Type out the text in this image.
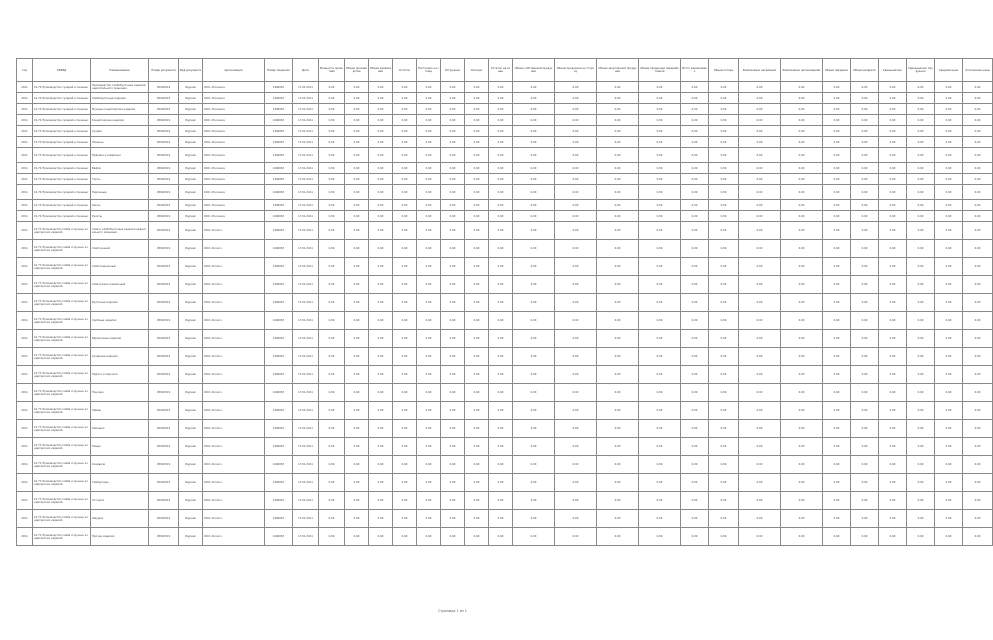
Год	ОКВЭД	Наименование	Номер документа	Вид документа	Организация	Номер лицензии	Дата	Мощность проектная	Объем производства	Объем реализации	Остаток	Поступило на склад	Отгружено	Списано	Остаток на конец	Объем собственной продукции	Объем продукции на сторону	Объем закупленной продукции	Объем продукции переработанной	Итого реализовано	Объем потерь	Реализовано населению	Реализовано организациям	Объем передачи	Объем возврата	Удельный вес	Удельный вес продукции	Средняя цена	Отклонение цены
2011	10.72 Производство сухарей и печенья	Производство хлебобулочных изделий недлительного хранения	95020019	Журнал	ООО «Росинка»	1490067	17.01.2011	0,00	0,00	0,00	0,00	0,00	0,00	0,00	0,00	0,00	0,00	0,00	0,00	0,00	0,00	0,00	0,00	0,00	0,00	0,00	0,00	0,00	0,00
2011	10.72 Производство сухарей и печенья	Хлебобулочные изделия	95020019	Журнал	ООО «Росинка»	1490067	17.01.2011	0,00	0,00	0,00	0,00	0,00	0,00	0,00	0,00	0,00	0,00	0,00	0,00	0,00	0,00	0,00	0,00	0,00	0,00	0,00	0,00	0,00	0,00
2011	10.72 Производство сухарей и печенья	Мучные кондитерские изделия	95020019	Журнал	ООО «Росинка»	1490067	17.01.2011	0,00	0,00	0,00	0,00	0,00	0,00	0,00	0,00	0,00	0,00	0,00	0,00	0,00	0,00	0,00	0,00	0,00	0,00	0,00	0,00	0,00	0,00
2011	10.72 Производство сухарей и печенья	Кондитерские изделия	95020019	Журнал	ООО «Росинка»	1490067	17.01.2011	0,00	0,00	0,00	0,00	0,00	0,00	0,00	0,00	0,00	0,00	0,00	0,00	0,00	0,00	0,00	0,00	0,00	0,00	0,00	0,00	0,00	0,00
2011	10.72 Производство сухарей и печенья	Сухари	95020019	Журнал	ООО «Росинка»	1490067	17.01.2011	0,00	0,00	0,00	0,00	0,00	0,00	0,00	0,00	0,00	0,00	0,00	0,00	0,00	0,00	0,00	0,00	0,00	0,00	0,00	0,00	0,00	0,00
2011	10.72 Производство сухарей и печенья	Печенье	95020019	Журнал	ООО «Росинка»	1490067	17.01.2011	0,00	0,00	0,00	0,00	0,00	0,00	0,00	0,00	0,00	0,00	0,00	0,00	0,00	0,00	0,00	0,00	0,00	0,00	0,00	0,00	0,00	0,00
2011	10.72 Производство сухарей и печенья	Пряники и коврижки	95020019	Журнал	ООО «Росинка»	1490067	17.01.2011	0,00	0,00	0,00	0,00	0,00	0,00	0,00	0,00	0,00	0,00	0,00	0,00	0,00	0,00	0,00	0,00	0,00	0,00	0,00	0,00	0,00	0,00
2011	10.72 Производство сухарей и печенья	Вафли	95020019	Журнал	ООО «Росинка»	1490067	17.01.2011	0,00	0,00	0,00	0,00	0,00	0,00	0,00	0,00	0,00	0,00	0,00	0,00	0,00	0,00	0,00	0,00	0,00	0,00	0,00	0,00	0,00	0,00
2011	10.72 Производство сухарей и печенья	Торты	95020019	Журнал	ООО «Росинка»	1490067	17.01.2011	0,00	0,00	0,00	0,00	0,00	0,00	0,00	0,00	0,00	0,00	0,00	0,00	0,00	0,00	0,00	0,00	0,00	0,00	0,00	0,00	0,00	0,00
2011	10.72 Производство сухарей и печенья	Пирожные	95020019	Журнал	ООО «Росинка»	1490067	17.01.2011	0,00	0,00	0,00	0,00	0,00	0,00	0,00	0,00	0,00	0,00	0,00	0,00	0,00	0,00	0,00	0,00	0,00	0,00	0,00	0,00	0,00	0,00
2011	10.72 Производство сухарей и печенья	Кексы	95020019	Журнал	ООО «Росинка»	1490067	17.01.2011	0,00	0,00	0,00	0,00	0,00	0,00	0,00	0,00	0,00	0,00	0,00	0,00	0,00	0,00	0,00	0,00	0,00	0,00	0,00	0,00	0,00	0,00
2011	10.72 Производство сухарей и печенья	Рулеты	95020019	Журнал	ООО «Росинка»	1490067	17.01.2011	0,00	0,00	0,00	0,00	0,00	0,00	0,00	0,00	0,00	0,00	0,00	0,00	0,00	0,00	0,00	0,00	0,00	0,00	0,00	0,00	0,00	0,00
2011	10.71 Производство хлеба и мучных кондитерских изделий	Хлеб и хлебобулочные изделия недлительного хранения	95020019	Журнал	ООО «Колос»	1490067	17.01.2011	0,00	0,00	0,00	0,00	0,00	0,00	0,00	0,00	0,00	0,00	0,00	0,00	0,00	0,00	0,00	0,00	0,00	0,00	0,00	0,00	0,00	0,00
2011	10.71 Производство хлеба и мучных кондитерских изделий	Хлеб ржаной	95020019	Журнал	ООО «Колос»	1490067	17.01.2011	0,00	0,00	0,00	0,00	0,00	0,00	0,00	0,00	0,00	0,00	0,00	0,00	0,00	0,00	0,00	0,00	0,00	0,00	0,00	0,00	0,00	0,00
2011	10.71 Производство хлеба и мучных кондитерских изделий	Хлеб пшеничный	95020019	Журнал	ООО «Колос»	1490067	17.01.2011	0,00	0,00	0,00	0,00	0,00	0,00	0,00	0,00	0,00	0,00	0,00	0,00	0,00	0,00	0,00	0,00	0,00	0,00	0,00	0,00	0,00	0,00
2011	10.71 Производство хлеба и мучных кондитерских изделий	Хлеб ржано-пшеничный	95020019	Журнал	ООО «Колос»	1490067	17.01.2011	0,00	0,00	0,00	0,00	0,00	0,00	0,00	0,00	0,00	0,00	0,00	0,00	0,00	0,00	0,00	0,00	0,00	0,00	0,00	0,00	0,00	0,00
2011	10.71 Производство хлеба и мучных кондитерских изделий	Булочные изделия	95020019	Журнал	ООО «Колос»	1490067	17.01.2011	0,00	0,00	0,00	0,00	0,00	0,00	0,00	0,00	0,00	0,00	0,00	0,00	0,00	0,00	0,00	0,00	0,00	0,00	0,00	0,00	0,00	0,00
2011	10.71 Производство хлеба и мучных кондитерских изделий	Сдобные изделия	95020019	Журнал	ООО «Колос»	1490067	17.01.2011	0,00	0,00	0,00	0,00	0,00	0,00	0,00	0,00	0,00	0,00	0,00	0,00	0,00	0,00	0,00	0,00	0,00	0,00	0,00	0,00	0,00	0,00
2011	10.71 Производство хлеба и мучных кондитерских изделий	Бараночные изделия	95020019	Журнал	ООО «Колос»	1490067	17.01.2011	0,00	0,00	0,00	0,00	0,00	0,00	0,00	0,00	0,00	0,00	0,00	0,00	0,00	0,00	0,00	0,00	0,00	0,00	0,00	0,00	0,00	0,00
2011	10.71 Производство хлеба и мучных кондитерских изделий	Сухарные изделия	95020019	Журнал	ООО «Колос»	1490067	17.01.2011	0,00	0,00	0,00	0,00	0,00	0,00	0,00	0,00	0,00	0,00	0,00	0,00	0,00	0,00	0,00	0,00	0,00	0,00	0,00	0,00	0,00	0,00
2011	10.71 Производство хлеба и мучных кондитерских изделий	Пироги и пирожки	95020019	Журнал	ООО «Колос»	1490067	17.01.2011	0,00	0,00	0,00	0,00	0,00	0,00	0,00	0,00	0,00	0,00	0,00	0,00	0,00	0,00	0,00	0,00	0,00	0,00	0,00	0,00	0,00	0,00
2011	10.71 Производство хлеба и мучных кондитерских изделий	Пончики	95020019	Журнал	ООО «Колос»	1490067	17.01.2011	0,00	0,00	0,00	0,00	0,00	0,00	0,00	0,00	0,00	0,00	0,00	0,00	0,00	0,00	0,00	0,00	0,00	0,00	0,00	0,00	0,00	0,00
2011	10.71 Производство хлеба и мучных кондитерских изделий	Лаваш	95020019	Журнал	ООО «Колос»	1490067	17.01.2011	0,00	0,00	0,00	0,00	0,00	0,00	0,00	0,00	0,00	0,00	0,00	0,00	0,00	0,00	0,00	0,00	0,00	0,00	0,00	0,00	0,00	0,00
2011	10.71 Производство хлеба и мучных кондитерских изделий	Лепешки	95020019	Журнал	ООО «Колос»	1490067	17.01.2011	0,00	0,00	0,00	0,00	0,00	0,00	0,00	0,00	0,00	0,00	0,00	0,00	0,00	0,00	0,00	0,00	0,00	0,00	0,00	0,00	0,00	0,00
2011	10.71 Производство хлеба и мучных кондитерских изделий	Пицца	95020019	Журнал	ООО «Колос»	1490067	17.01.2011	0,00	0,00	0,00	0,00	0,00	0,00	0,00	0,00	0,00	0,00	0,00	0,00	0,00	0,00	0,00	0,00	0,00	0,00	0,00	0,00	0,00	0,00
2011	10.71 Производство хлеба и мучных кондитерских изделий	Сэндвичи	95020019	Журнал	ООО «Колос»	1490067	17.01.2011	0,00	0,00	0,00	0,00	0,00	0,00	0,00	0,00	0,00	0,00	0,00	0,00	0,00	0,00	0,00	0,00	0,00	0,00	0,00	0,00	0,00	0,00
2011	10.71 Производство хлеба и мучных кондитерских изделий	Гамбургеры	95020019	Журнал	ООО «Колос»	1490067	17.01.2011	0,00	0,00	0,00	0,00	0,00	0,00	0,00	0,00	0,00	0,00	0,00	0,00	0,00	0,00	0,00	0,00	0,00	0,00	0,00	0,00	0,00	0,00
2011	10.71 Производство хлеба и мучных кондитерских изделий	Хот-доги	95020019	Журнал	ООО «Колос»	1490067	17.01.2011	0,00	0,00	0,00	0,00	0,00	0,00	0,00	0,00	0,00	0,00	0,00	0,00	0,00	0,00	0,00	0,00	0,00	0,00	0,00	0,00	0,00	0,00
2011	10.71 Производство хлеба и мучных кондитерских изделий	Шаурма	95020019	Журнал	ООО «Колос»	1490067	17.01.2011	0,00	0,00	0,00	0,00	0,00	0,00	0,00	0,00	0,00	0,00	0,00	0,00	0,00	0,00	0,00	0,00	0,00	0,00	0,00	0,00	0,00	0,00
2011	10.71 Производство хлеба и мучных кондитерских изделий	Прочие изделия	95020019	Журнал	ООО «Колос»	1490067	17.01.2011	0,00	0,00	0,00	0,00	0,00	0,00	0,00	0,00	0,00	0,00	0,00	0,00	0,00	0,00	0,00	0,00	0,00	0,00	0,00	0,00	0,00	0,00
Страница 1 из 1
